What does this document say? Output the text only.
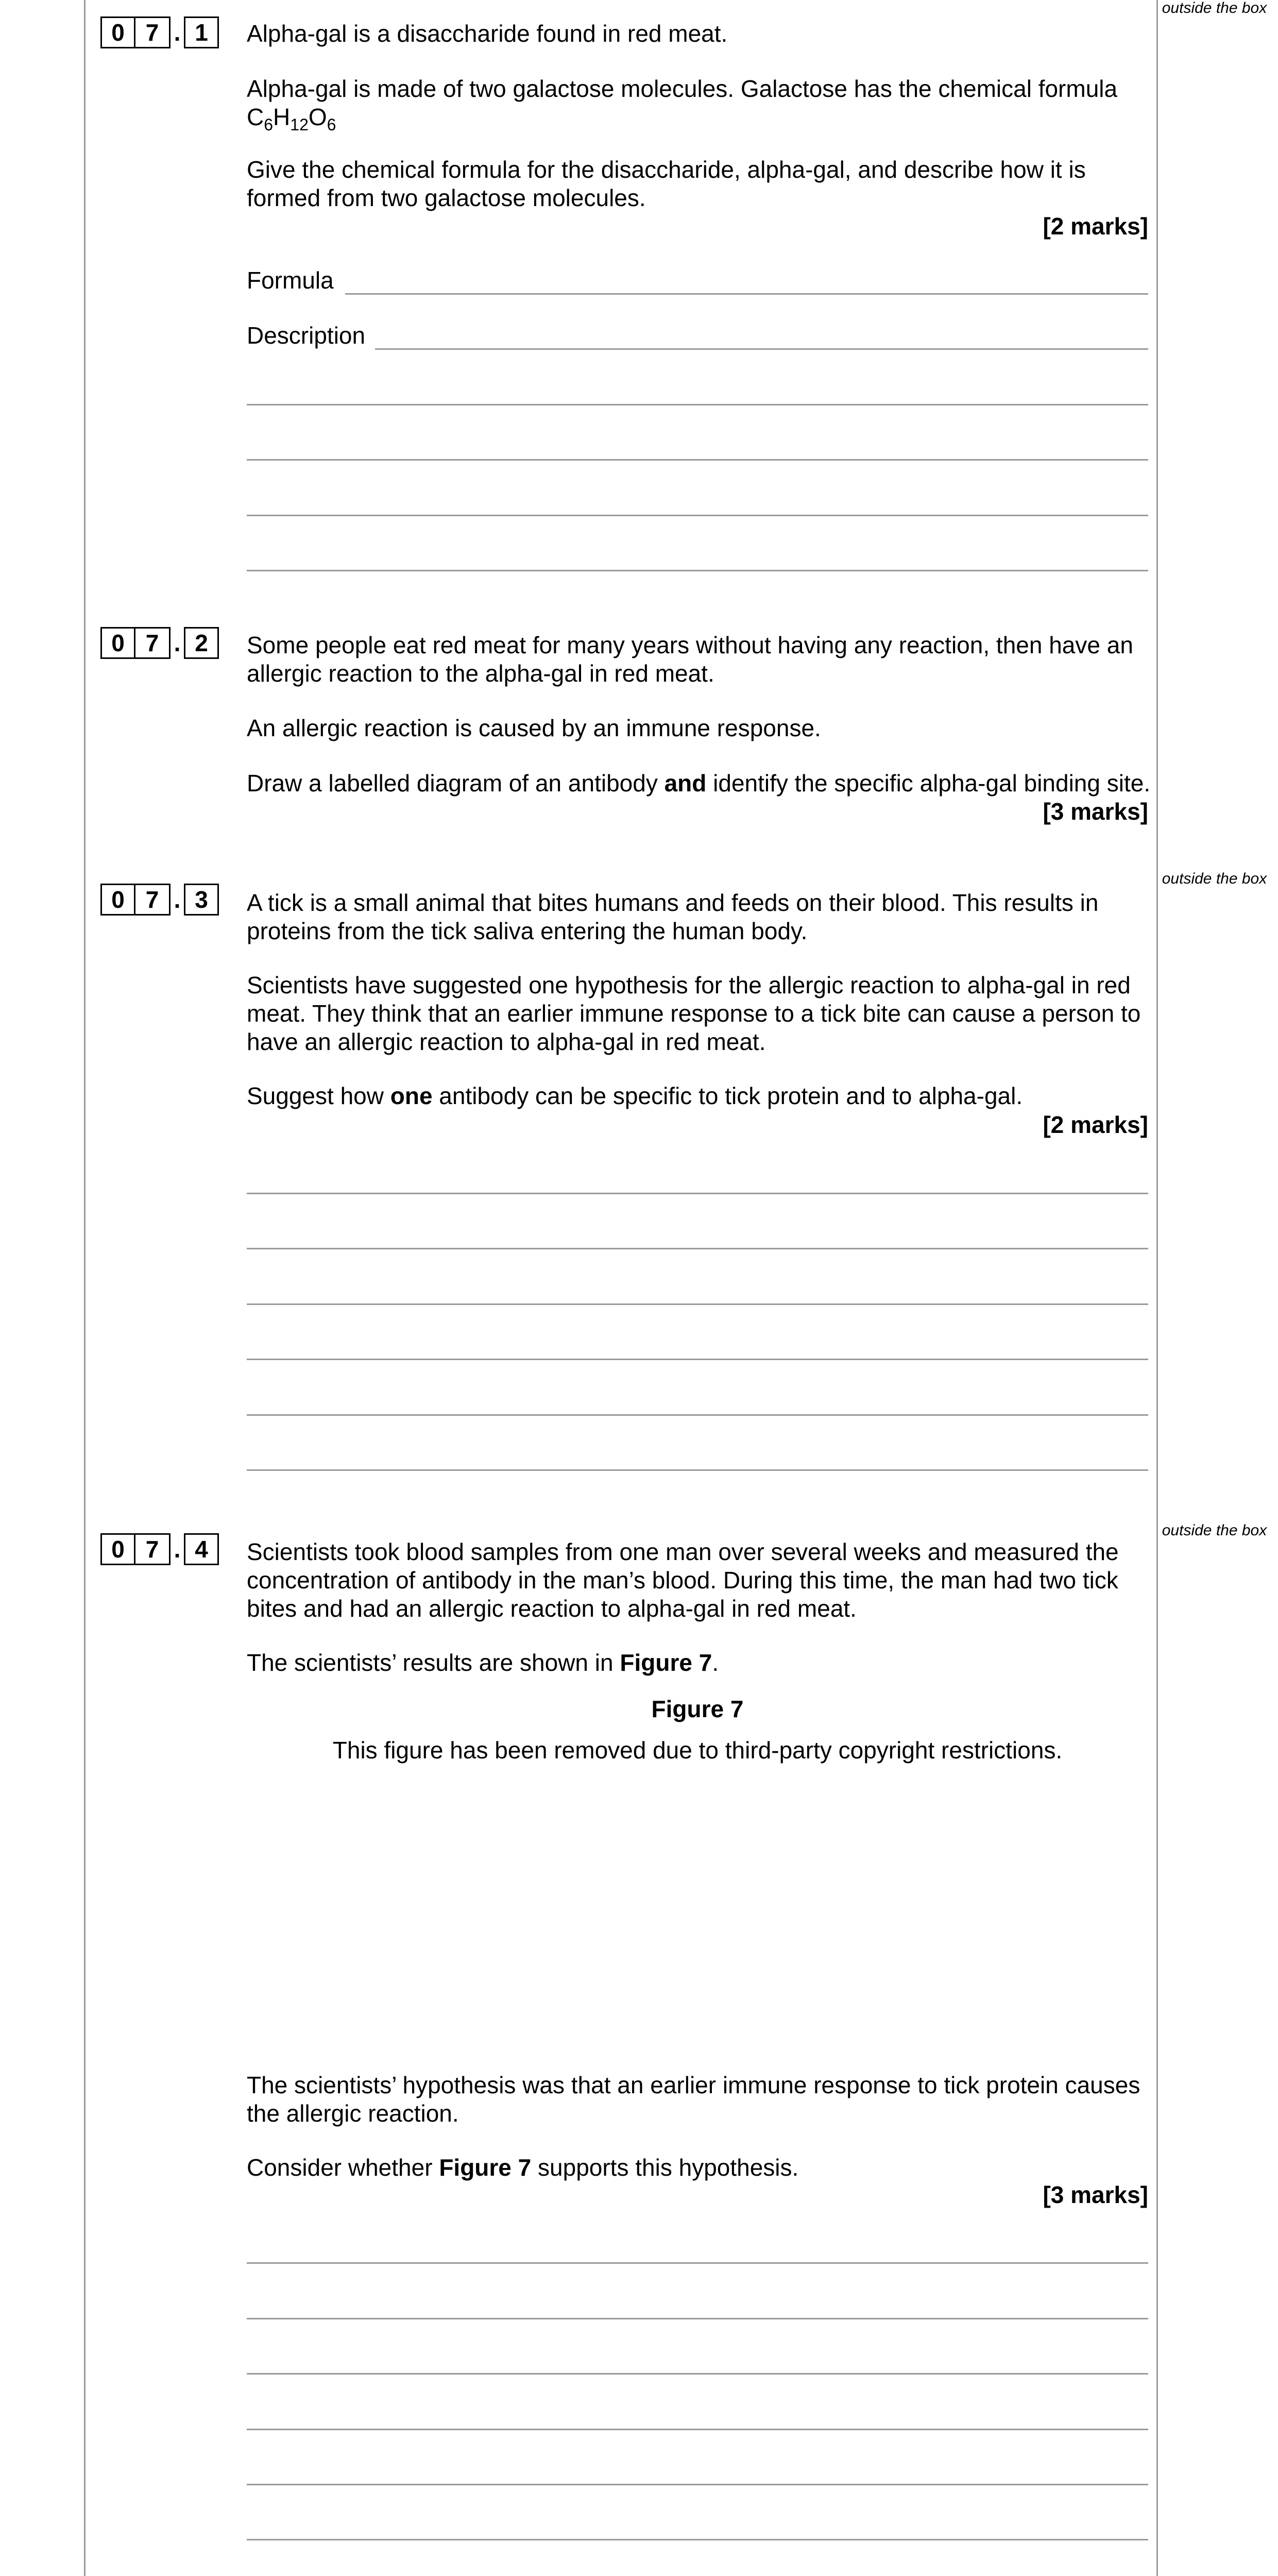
outside the box
outside the box
outside the box
0 7 . 1	Alpha-gal is a disaccharide found in red meat.

Alpha-gal is made of two galactose molecules. Galactose has the chemical formula
$C_6H_{12}O_6$

Give the chemical formula for the disaccharide, alpha-gal, and describe how it is formed from two galactose molecules.

[2 marks]
Formula
Description
0 7 . 2	Some people eat red meat for many years without having any reaction, then have an allergic reaction to the alpha-gal in red meat.

An allergic reaction is caused by an immune response.

Draw a labelled diagram of an antibody and identify the specific alpha-gal binding site.

[3 marks]
0 7 . 3	A tick is a small animal that bites humans and feeds on their blood. This results in proteins from the tick saliva entering the human body.

Scientists have suggested one hypothesis for the allergic reaction to alpha-gal in red meat. They think that an earlier immune response to a tick bite can cause a person to have an allergic reaction to alpha-gal in red meat.

Suggest how one antibody can be specific to tick protein and to alpha-gal.

[2 marks]
0 7 . 4	Scientists took blood samples from one man over several weeks and measured the concentration of antibody in the man’s blood. During this time, the man had two tick bites and had an allergic reaction to alpha-gal in red meat.

The scientists’ results are shown in Figure 7.

Figure 7
This figure has been removed due to third-party copyright restrictions.

The scientists’ hypothesis was that an earlier immune response to tick protein causes the allergic reaction.

Consider whether Figure 7 supports this hypothesis.

[3 marks]
